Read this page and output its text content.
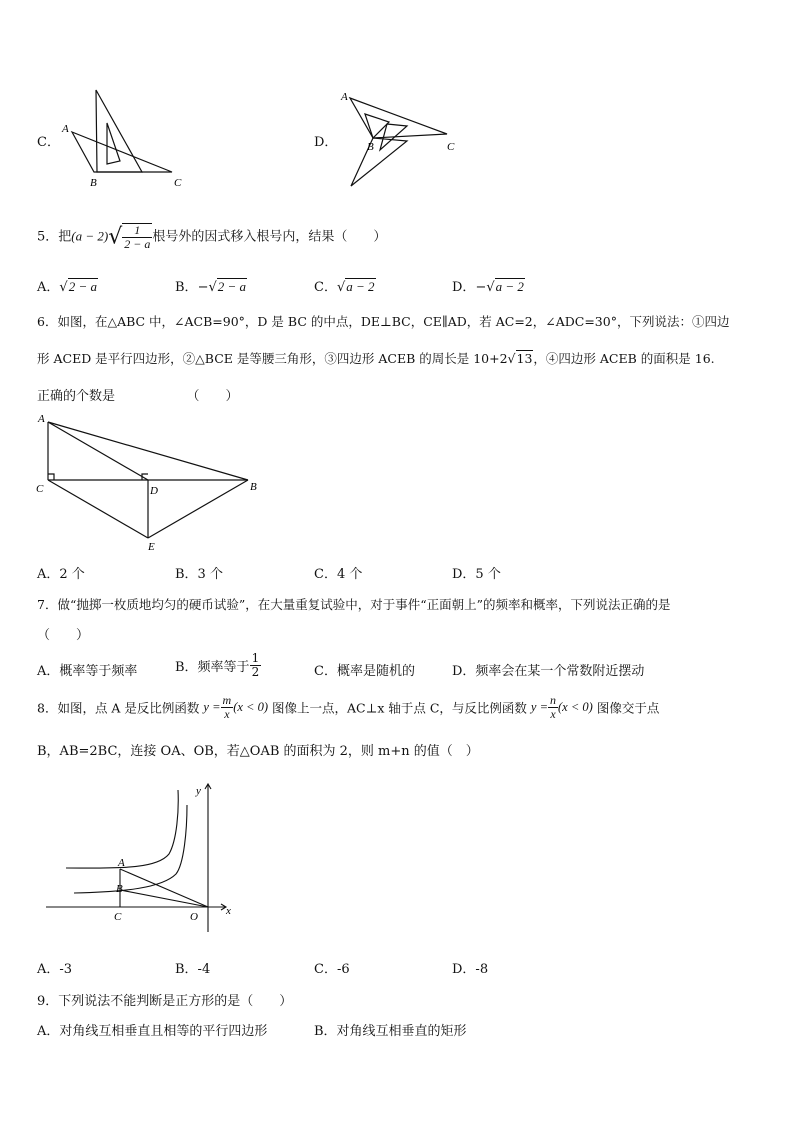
C．
A
B	C
D．
A
B	C
5．把$(a - 2)√ \frac{1}{2 - a}$ 根号外的因式移入根号内，结果（　　）
A．√2 − a	B．−√2 − a	C．√a − 2	D．−√a − 2
6．如图，在△ABC 中，∠ACB=90°，D 是 BC 的中点，DE⊥BC，CE∥AD，若 AC=2，∠ADC=30°，下列说法：①四边
形 ACED 是平行四边形，②△BCE 是等腰三角形，③四边形 ACEB 的周长是 10+2√13，④四边形 ACEB 的面积是 16.
正确的个数是　　　　　　（　　）
A
C	D	B
E
A．2 个	B．3 个	C．4 个	D．5 个
7．做“抛掷一枚质地均匀的硬币试验”，在大量重复试验中，对于事件“正面朝上”的频率和概率，下列说法正确的是
（　　）
A．概率等于频率	B．频率等于 $\frac{1}{2}$	C．概率是随机的	D．频率会在某一个常数附近摆动
8．如图，点 A 是反比例函数 $y = \frac{m}{x} (x < 0)$ 图像上一点，AC⊥x 轴于点 C，与反比例函数 $y = \frac{n}{x} (x < 0)$ 图像交于点
B，AB=2BC，连接 OA、OB，若△OAB 的面积为 2，则 m+n 的值（　）
y
x
A
B
C	O
A．-3	B．-4	C．-6	D．-8
9．下列说法不能判断是正方形的是（　　）
A．对角线互相垂直且相等的平行四边形	B．对角线互相垂直的矩形
